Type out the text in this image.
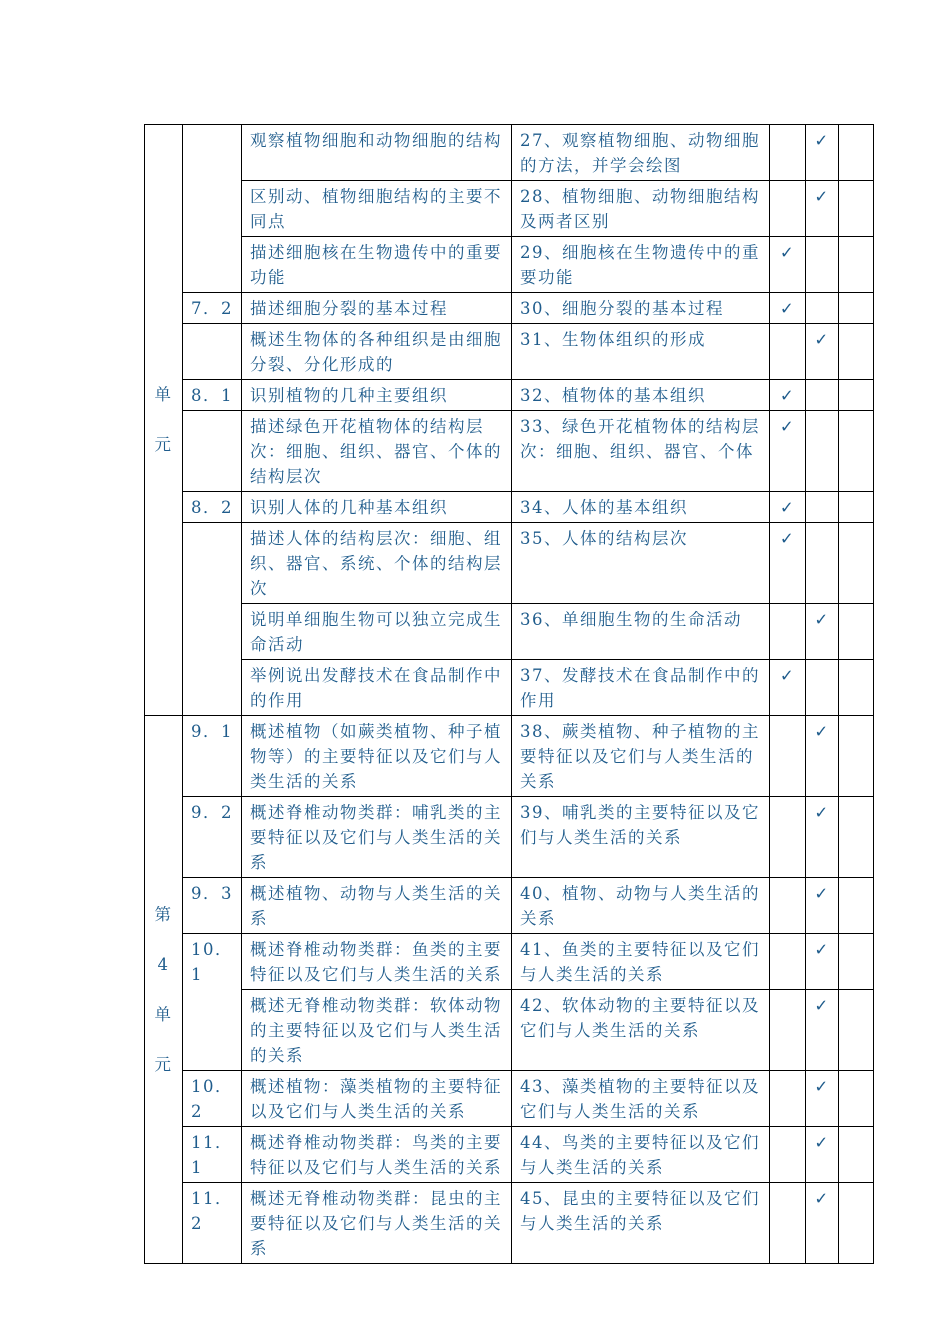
单
元		观察植物细胞和动物细胞的结构	27、观察植物细胞、动物细胞的方法，并学会绘图		✓	
		区别动、植物细胞结构的主要不同点	28、植物细胞、动物细胞结构及两者区别		✓	
		描述细胞核在生物遗传中的重要功能	29、细胞核在生物遗传中的重要功能	✓		
	7．2	描述细胞分裂的基本过程	30、细胞分裂的基本过程	✓		
		概述生物体的各种组织是由细胞分裂、分化形成的	31、生物体组织的形成		✓	
	8．1	识别植物的几种主要组织	32、植物体的基本组织	✓		
		描述绿色开花植物体的结构层次：细胞、组织、器官、个体的结构层次	33、绿色开花植物体的结构层次：细胞、组织、器官、个体	✓		
	8．2	识别人体的几种基本组织	34、人体的基本组织	✓		
		描述人体的结构层次：细胞、组织、器官、系统、个体的结构层次	35、人体的结构层次	✓		
		说明单细胞生物可以独立完成生命活动	36、单细胞生物的生命活动		✓	
		举例说出发酵技术在食品制作中的作用	37、发酵技术在食品制作中的作用	✓		

第
4
单
元	9．1	概述植物（如蕨类植物、种子植物等）的主要特征以及它们与人类生活的关系	38、蕨类植物、种子植物的主要特征以及它们与人类生活的关系		✓	
	9．2	概述脊椎动物类群：哺乳类的主要特征以及它们与人类生活的关系	39、哺乳类的主要特征以及它们与人类生活的关系		✓	
	9．3	概述植物、动物与人类生活的关系	40、植物、动物与人类生活的关系		✓	
	10．1	概述脊椎动物类群：鱼类的主要特征以及它们与人类生活的关系	41、鱼类的主要特征以及它们与人类生活的关系		✓	
		概述无脊椎动物类群：软体动物的主要特征以及它们与人类生活的关系	42、软体动物的主要特征以及它们与人类生活的关系		✓	
	10．2	概述植物：藻类植物的主要特征以及它们与人类生活的关系	43、藻类植物的主要特征以及它们与人类生活的关系		✓	
	11．1	概述脊椎动物类群：鸟类的主要特征以及它们与人类生活的关系	44、鸟类的主要特征以及它们与人类生活的关系		✓	
	11．2	概述无脊椎动物类群：昆虫的主要特征以及它们与人类生活的关系	45、昆虫的主要特征以及它们与人类生活的关系		✓	
